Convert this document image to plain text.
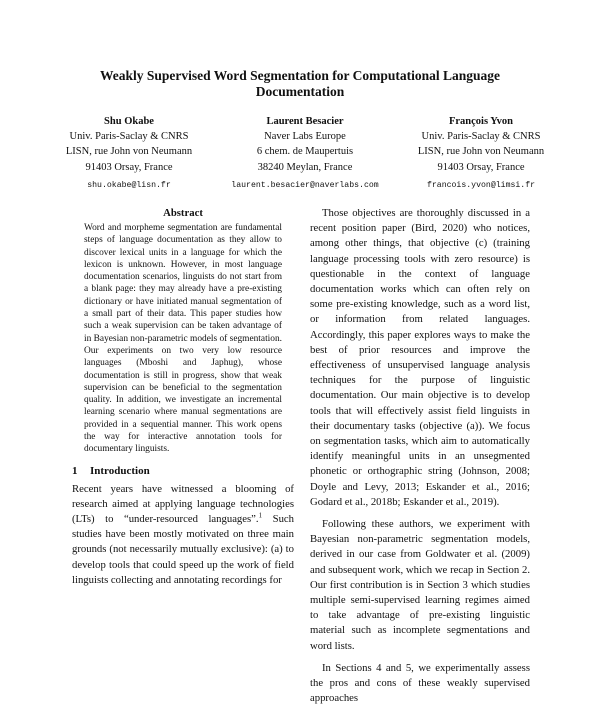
Weakly Supervised Word Segmentation for Computational Language Documentation
Shu Okabe
Univ. Paris-Saclay & CNRS
LISN, rue John von Neumann
91403 Orsay, France
shu.okabe@lisn.fr
Laurent Besacier
Naver Labs Europe
6 chem. de Maupertuis
38240 Meylan, France
laurent.besacier@naverlabs.com
François Yvon
Univ. Paris-Saclay & CNRS
LISN, rue John von Neumann
91403 Orsay, France
francois.yvon@limsi.fr
Abstract
Word and morpheme segmentation are fundamental steps of language documentation as they allow to discover lexical units in a language for which the lexicon is unknown. However, in most language documentation scenarios, linguists do not start from a blank page: they may already have a pre-existing dictionary or have initiated manual segmentation of a small part of their data. This paper studies how such a weak supervision can be taken advantage of in Bayesian non-parametric models of segmentation. Our experiments on two very low resource languages (Mboshi and Japhug), whose documentation is still in progress, show that weak supervision can be beneficial to the segmentation quality. In addition, we investigate an incremental learning scenario where manual segmentations are provided in a sequential manner. This work opens the way for interactive annotation tools for documentary linguists.
1 Introduction

Recent years have witnessed a blooming of research aimed at applying language technologies (LTs) to “under-resourced languages”.$^1$ Such studies have been mostly motivated on three main grounds (not necessarily mutually exclusive): (a) to develop tools that could speed up the work of field linguists collecting and annotating recordings for

Those objectives are thoroughly discussed in a recent position paper (Bird, 2020) who notices, among other things, that objective (c) (training language processing tools with zero resource) is questionable in the context of language documentation works which can often rely on some pre-existing knowledge, such as a word list, or information from related languages. Accordingly, this paper explores ways to make the best of prior resources and improve the effectiveness of unsupervised language analysis techniques for the purpose of linguistic documentation. Our main objective is to develop tools that will effectively assist field linguists in their documentary tasks (objective (a)). We focus on segmentation tasks, which aim to automatically identify meaningful units in an unsegmented phonetic or orthographic string (Johnson, 2008; Doyle and Levy, 2013; Eskander et al., 2016; Godard et al., 2018b; Eskander et al., 2019).

Following these authors, we experiment with Bayesian non-parametric segmentation models, derived in our case from Goldwater et al. (2009) and subsequent work, which we recap in Section 2. Our first contribution is in Section 3 which studies multiple semi-supervised learning regimes aimed to take advantage of pre-existing linguistic material such as incomplete segmentations and word lists.

In Sections 4 and 5, we experimentally assess the pros and cons of these weakly supervised approaches
